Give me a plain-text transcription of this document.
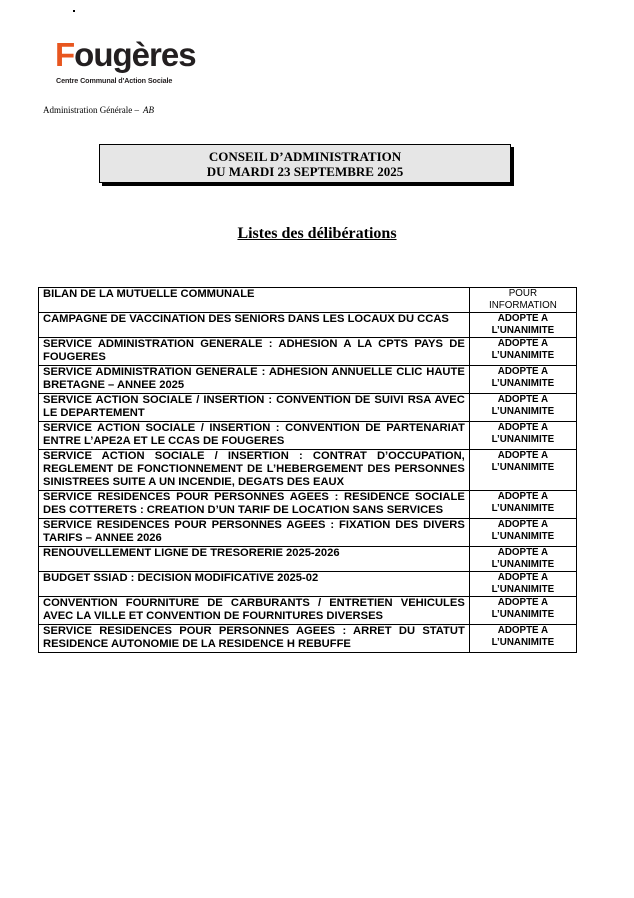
Fougères
Centre Communal d'Action Sociale
Administration Générale – AB
CONSEIL D’ADMINISTRATION
DU MARDI 23 SEPTEMBRE 2025
Listes des délibérations
BILAN DE LA MUTUELLE COMMUNALE	POUR
INFORMATION

CAMPAGNE DE VACCINATION DES SENIORS DANS LES LOCAUX DU CCAS	ADOPTE A
L’UNANIMITE

SERVICE ADMINISTRATION GENERALE : ADHESION A LA CPTS PAYS DE FOUGERES	ADOPTE A
L’UNANIMITE

SERVICE ADMINISTRATION GENERALE : ADHESION ANNUELLE CLIC HAUTE BRETAGNE – ANNEE 2025	ADOPTE A
L’UNANIMITE

SERVICE ACTION SOCIALE / INSERTION : CONVENTION DE SUIVI RSA AVEC LE DEPARTEMENT	ADOPTE A
L’UNANIMITE

SERVICE ACTION SOCIALE / INSERTION : CONVENTION DE PARTENARIAT ENTRE L’APE2A ET LE CCAS DE FOUGERES	ADOPTE A
L’UNANIMITE

SERVICE ACTION SOCIALE / INSERTION : CONTRAT D’OCCUPATION, REGLEMENT DE FONCTIONNEMENT DE L’HEBERGEMENT DES PERSONNES SINISTREES SUITE A UN INCENDIE, DEGATS DES EAUX	ADOPTE A
L’UNANIMITE

SERVICE RESIDENCES POUR PERSONNES AGEES : RESIDENCE SOCIALE DES COTTERETS : CREATION D’UN TARIF DE LOCATION SANS SERVICES	ADOPTE A
L’UNANIMITE

SERVICE RESIDENCES POUR PERSONNES AGEES : FIXATION DES DIVERS TARIFS – ANNEE 2026	ADOPTE A
L’UNANIMITE

RENOUVELLEMENT LIGNE DE TRESORERIE 2025-2026	ADOPTE A
L’UNANIMITE

BUDGET SSIAD : DECISION MODIFICATIVE 2025-02	ADOPTE A
L’UNANIMITE

CONVENTION FOURNITURE DE CARBURANTS / ENTRETIEN VEHICULES AVEC LA VILLE ET CONVENTION DE FOURNITURES DIVERSES	ADOPTE A
L’UNANIMITE

SERVICE RESIDENCES POUR PERSONNES AGEES : ARRET DU STATUT RESIDENCE AUTONOMIE DE LA RESIDENCE H REBUFFE	ADOPTE A
L’UNANIMITE
